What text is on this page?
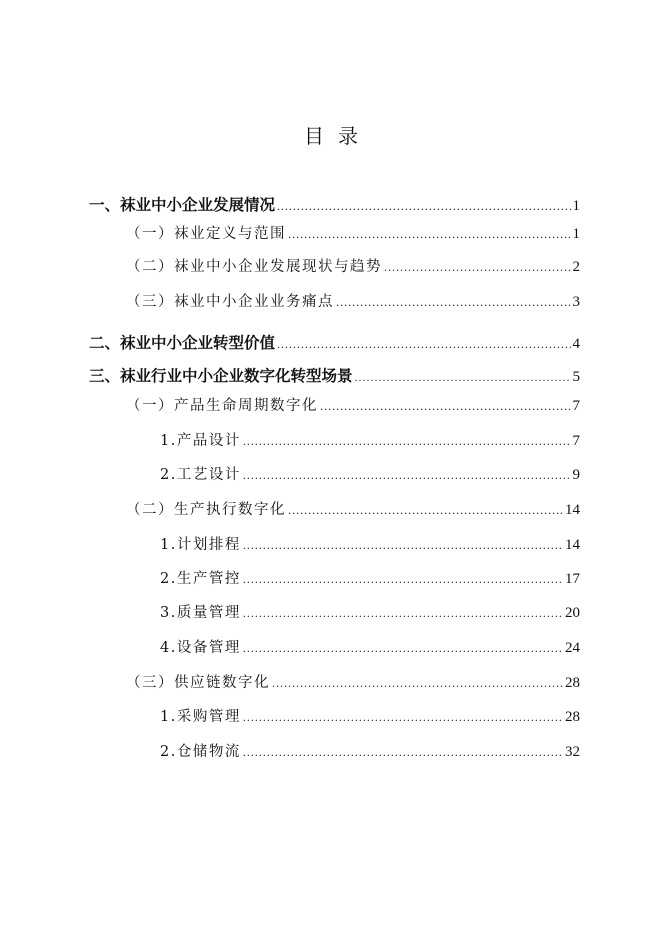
目 录
一、袜业中小企业发展情况 .....	1
（一）袜业定义与范围 .....	1
（二）袜业中小企业发展现状与趋势 .....	2
（三）袜业中小企业业务痛点 .....	3
二、袜业中小企业转型价值 .....	4
三、袜业行业中小企业数字化转型场景 .....	5
（一）产品生命周期数字化 .....	7
1.产品设计 .....	7
2.工艺设计 .....	9
（二）生产执行数字化 .....	14
1.计划排程 .....	14
2.生产管控 .....	17
3.质量管理 .....	20
4.设备管理 .....	24
（三）供应链数字化 .....	28
1.采购管理 .....	28
2.仓储物流 .....	32
